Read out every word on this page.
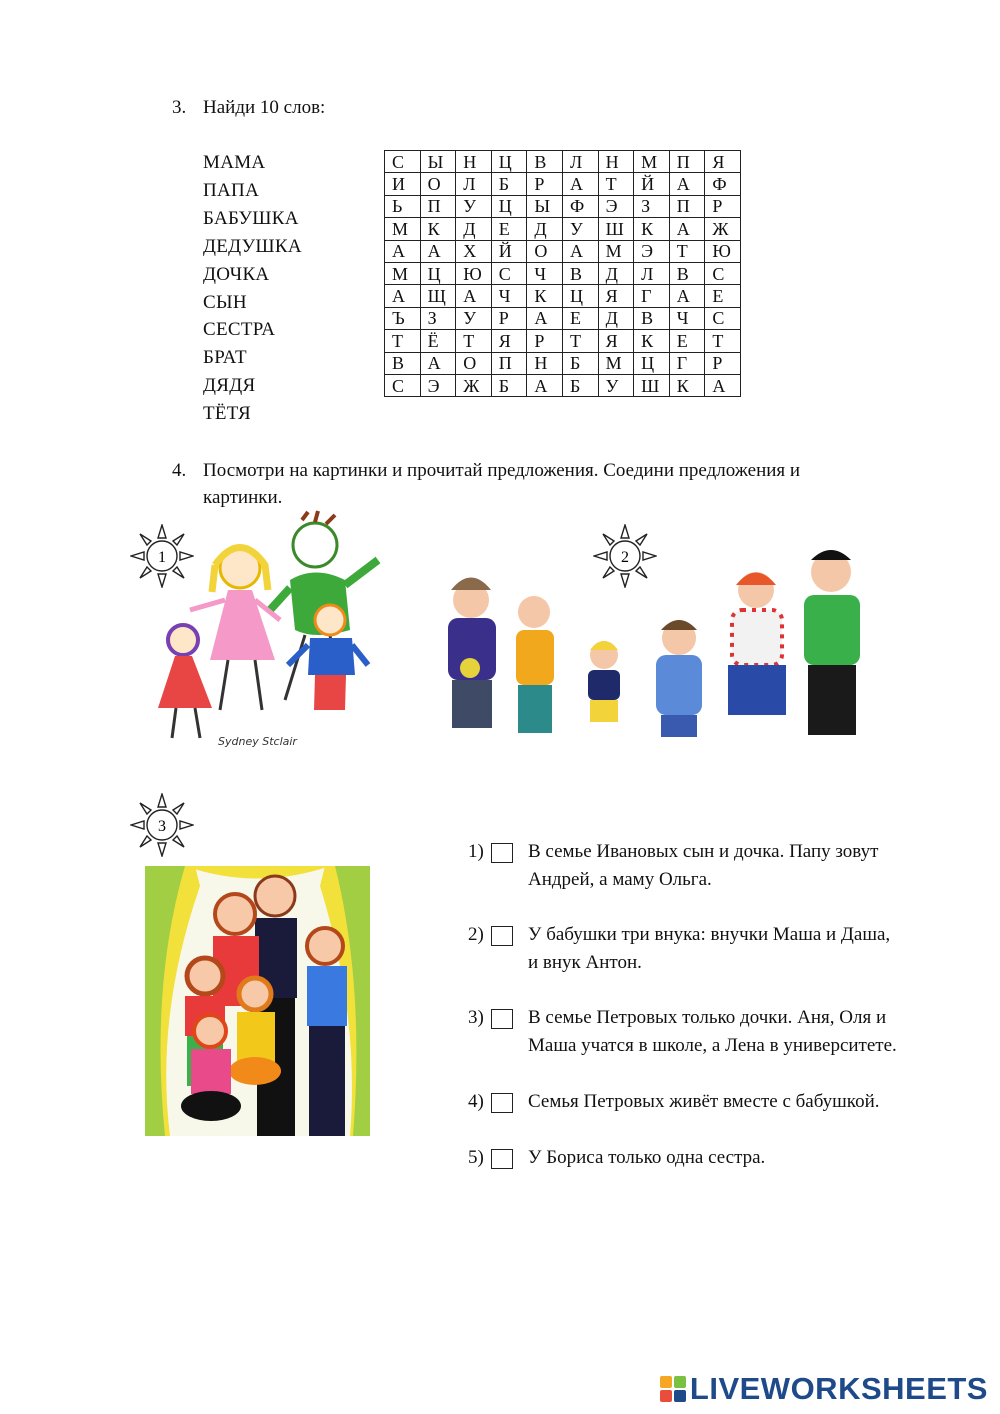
3. Найди 10 слов:
МАМА
ПАПА
БАБУШКА
ДЕДУШКА
ДОЧКА
СЫН
СЕСТРА
БРАТ
ДЯДЯ
ТЁТЯ
С	Ы	Н	Ц	В	Л	Н	М	П	Я
И	О	Л	Б	Р	А	Т	Й	А	Ф
Ь	П	У	Ц	Ы	Ф	Э	З	П	Р
М	К	Д	Е	Д	У	Ш	К	А	Ж
А	А	Х	Й	О	А	М	Э	Т	Ю
М	Ц	Ю	С	Ч	В	Д	Л	В	С
А	Щ	А	Ч	К	Ц	Я	Г	А	Е
Ъ	З	У	Р	А	Е	Д	В	Ч	С
Т	Ё	Т	Я	Р	Т	Я	К	Е	Т
В	А	О	П	Н	Б	М	Ц	Г	Р
С	Э	Ж	Б	А	Б	У	Ш	К	А
4. Посмотри на картинки и прочитай предложения. Соедини предложения и
картинки.
1
Sydney Stclair
2
3
1) В семье Ивановых сын и дочка. Папу зовут
Андрей, а маму Ольга.
2) У бабушки три внука: внучки Маша и Даша,
и внук Антон.
3) В семье Петровых только дочки. Аня, Оля и
Маша учатся в школе, а Лена в университете.
4) Семья Петровых живёт вместе с бабушкой.
5) У Бориса только одна сестра.
LIVEWORKSHEETS
